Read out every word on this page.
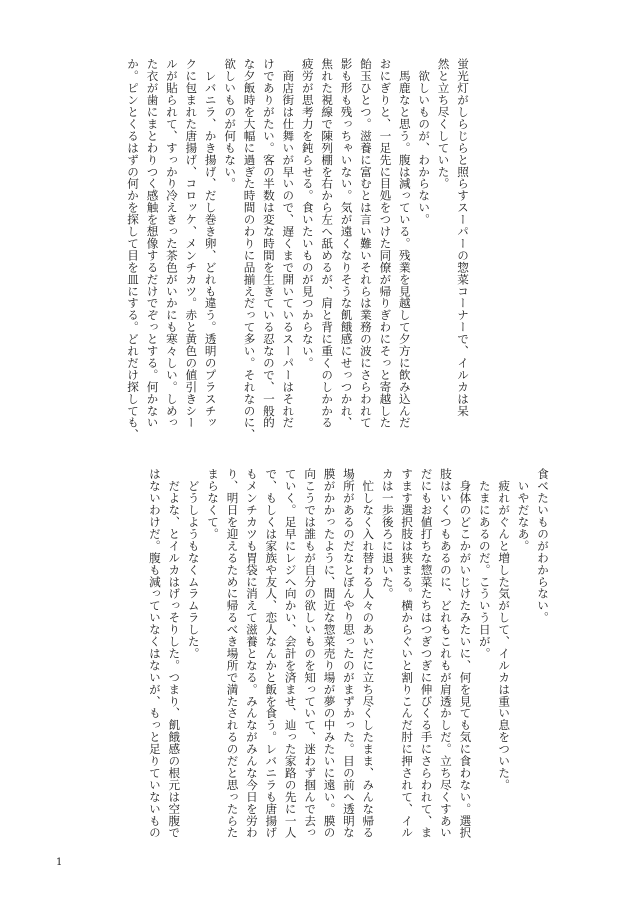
蛍光灯がしらじらと照らすスーパーの惣菜コーナーで、イルカは呆
然と立ち尽くしていた。
　欲しいものが、わからない。
　馬鹿なと思う。腹は減っている。残業を見越して夕方に飲み込んだ
おにぎりと、一足先に目処をつけた同僚が帰りぎわにそっと寄越した
飴玉ひとつ。滋養に富むとは言い難いそれらは業務の波にさらわれて
影も形も残っちゃいない。気が遠くなりそうな飢餓感にせっつかれ、
焦れた視線で陳列棚を右から左へ舐めるが、肩と背に重くのしかかる
疲労が思考力を鈍らせる。食いたいものが見つからない。
　商店街は仕舞いが早いので、遅くまで開いているスーパーはそれだ
けでありがたい。客の半数は変な時間を生きている忍なので、一般的
な夕飯時を大幅に過ぎた時間のわりに品揃えだって多い。それなのに、
欲しいものが何もない。
　レバニラ、かき揚げ、だし巻き卵、どれも違う。透明のプラスチッ
クに包まれた唐揚げ、コロッケ、メンチカツ。赤と黄色の値引きシー
ルが貼られて、すっかり冷えきった茶色がいかにも寒々しい。しめっ
た衣が歯にまとわりつく感触を想像するだけでぞっとする。何かない
か。ピンとくるはずの何かを探して目を皿にする。どれだけ探しても、
食べたいものがわからない。
　いやだなあ。
　疲れがぐんと増した気がして、イルカは重い息をついた。
　たまにあるのだ。こういう日が。
　身体のどこかがいじけたみたいに、何を見ても気に食わない。選択
肢はいくつもあるのに、どれもこれもが肩透かしだ。立ち尽くすあい
だにもお値打ちな惣菜たちはつぎつぎに伸びくる手にさらわれて、ま
すます選択肢は狭まる。横からぐいと割りこんだ肘に押されて、イル
カは一歩後ろに退いた。
　忙しなく入れ替わる人々のあいだに立ち尽くしたまま、みんな帰る
場所があるのだなとぼんやり思ったのがまずかった。目の前へ透明な
膜がかかったように、間近な惣菜売り場が夢の中みたいに遠い。膜の
向こうでは誰もが自分の欲しいものを知っていて、迷わず掴んで去っ
ていく。足早にレジへ向かい、会計を済ませ、辿った家路の先に一人
で、もしくは家族や友人、恋人なんかと飯を食う。レバニラも唐揚げ
もメンチカツも胃袋に消えて滋養となる。みんながみんな今日を労わ
り、明日を迎えるために帰るべき場所で満たされるのだと思ったらた
まらなくて。
　どうしようもなくムラムラした。
　だよな、とイルカはげっそりした。つまり、飢餓感の根元は空腹で
はないわけだ。腹も減っていなくはないが、もっと足りていないもの
1
